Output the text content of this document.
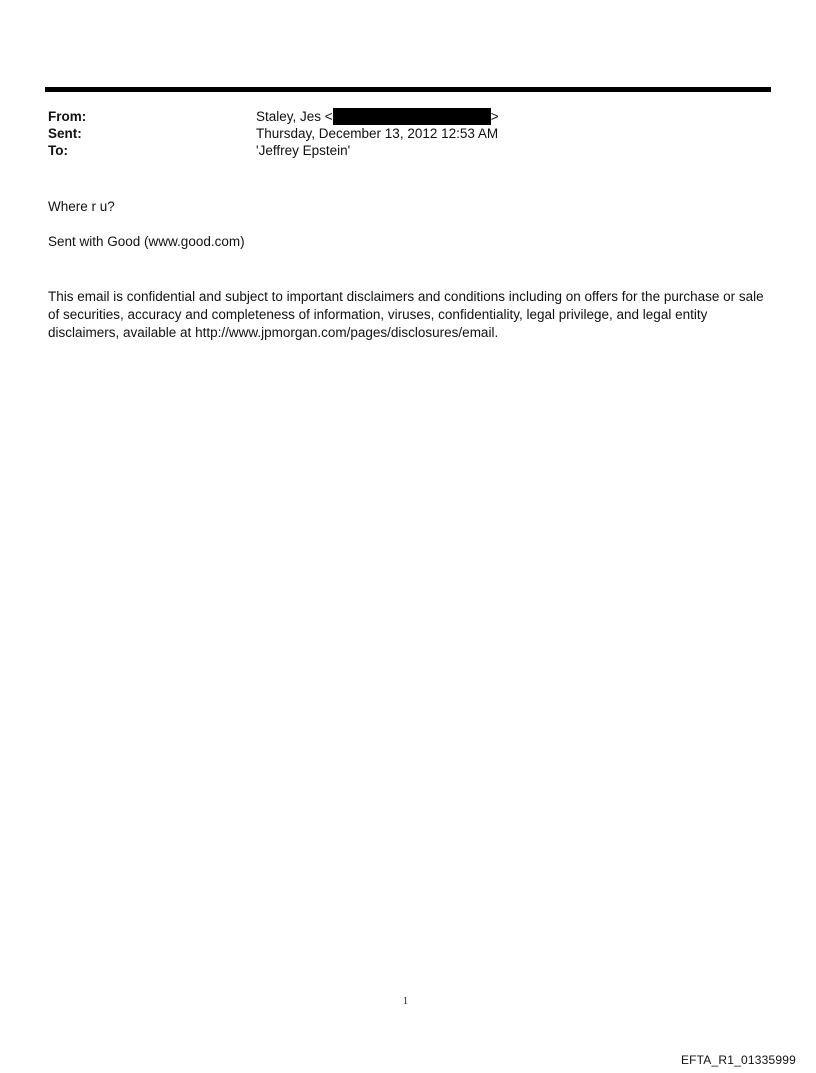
From:	Staley, Jes <	>
Sent:	Thursday, December 13, 2012 12:53 AM
To:	'Jeffrey Epstein'
Where r u?
Sent with Good (www.good.com)
This email is confidential and subject to important disclaimers and conditions including on offers for the purchase or sale of securities, accuracy and completeness of information, viruses, confidentiality, legal privilege, and legal entity disclaimers, available at http://www.jpmorgan.com/pages/disclosures/email.
1
EFTA_R1_01335999
